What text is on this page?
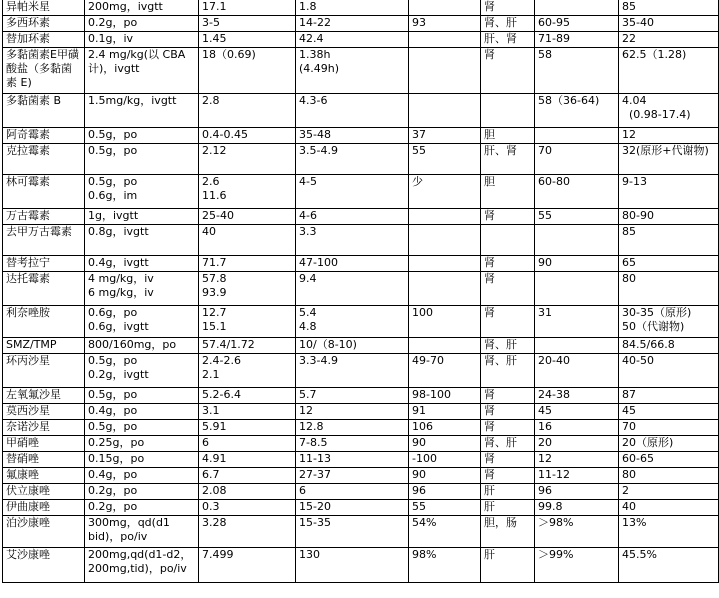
异帕米星	200mg，ivgtt	17.1	1.8		肾		85

多西环素	0.2g，po	3-5	14-22	93	肾、肝	60-95	35-40

替加环素	0.1g，iv	1.45	42.4		肝、肾	71-89	22

多黏菌素E甲磺酸盐（多黏菌素 E)	2.4 mg/kg(以 CBA 计)，ivgtt	18（0.69)	1.38h
(4.49h)		肾	58	62.5（1.28)

多黏菌素 B	1.5mg/kg，ivgtt	2.8	4.3-6			58（36-64)	4.04
(0.98-17.4)

阿奇霉素	0.5g，po	0.4-0.45	35-48	37	胆		12

克拉霉素	0.5g，po	2.12	3.5-4.9	55	肝、肾	70	32(原形+代谢物)

林可霉素	0.5g，po
0.6g，im	2.6
11.6	4-5	少	胆	60-80	9-13

万古霉素	1g，ivgtt	25-40	4-6		肾	55	80-90

去甲万古霉素	0.8g，ivgtt	40	3.3				85

替考拉宁	0.4g，ivgtt	71.7	47-100		肾	90	65

达托霉素	4 mg/kg，iv
6 mg/kg，iv	57.8
93.9	9.4		肾		80

利奈唑胺	0.6g，po
0.6g，ivgtt	12.7
15.1	5.4
4.8	100	肾	31	30-35（原形)
50（代谢物)

SMZ/TMP	800/160mg，po	57.4/1.72	10/（8-10)		肾、肝		84.5/66.8

环丙沙星	0.5g，po
0.2g，ivgtt	2.4-2.6
2.1	3.3-4.9	49-70	肾、肝	20-40	40-50

左氧氟沙星	0.5g，po	5.2-6.4	5.7	98-100	肾	24-38	87

莫西沙星	0.4g，po	3.1	12	91	肾	45	45

奈诺沙星	0.5g，po	5.91	12.8	106	肾	16	70

甲硝唑	0.25g，po	6	7-8.5	90	肾、肝	20	20（原形)

替硝唑	0.15g，po	4.91	11-13	-100	肾	12	60-65

氟康唑	0.4g，po	6.7	27-37	90	肾	11-12	80

伏立康唑	0.2g，po	2.08	6	96	肝	96	2

伊曲康唑	0.2g，po	0.3	15-20	55	肝	99.8	40

泊沙康唑	300mg，qd(d1 bid)，po/iv	3.28	15-35	54%	胆，肠	＞98%	13%

艾沙康唑	200mg,qd(d1-d2，200mg,tid)，po/iv	7.499	130	98%	肝	＞99%	45.5%
